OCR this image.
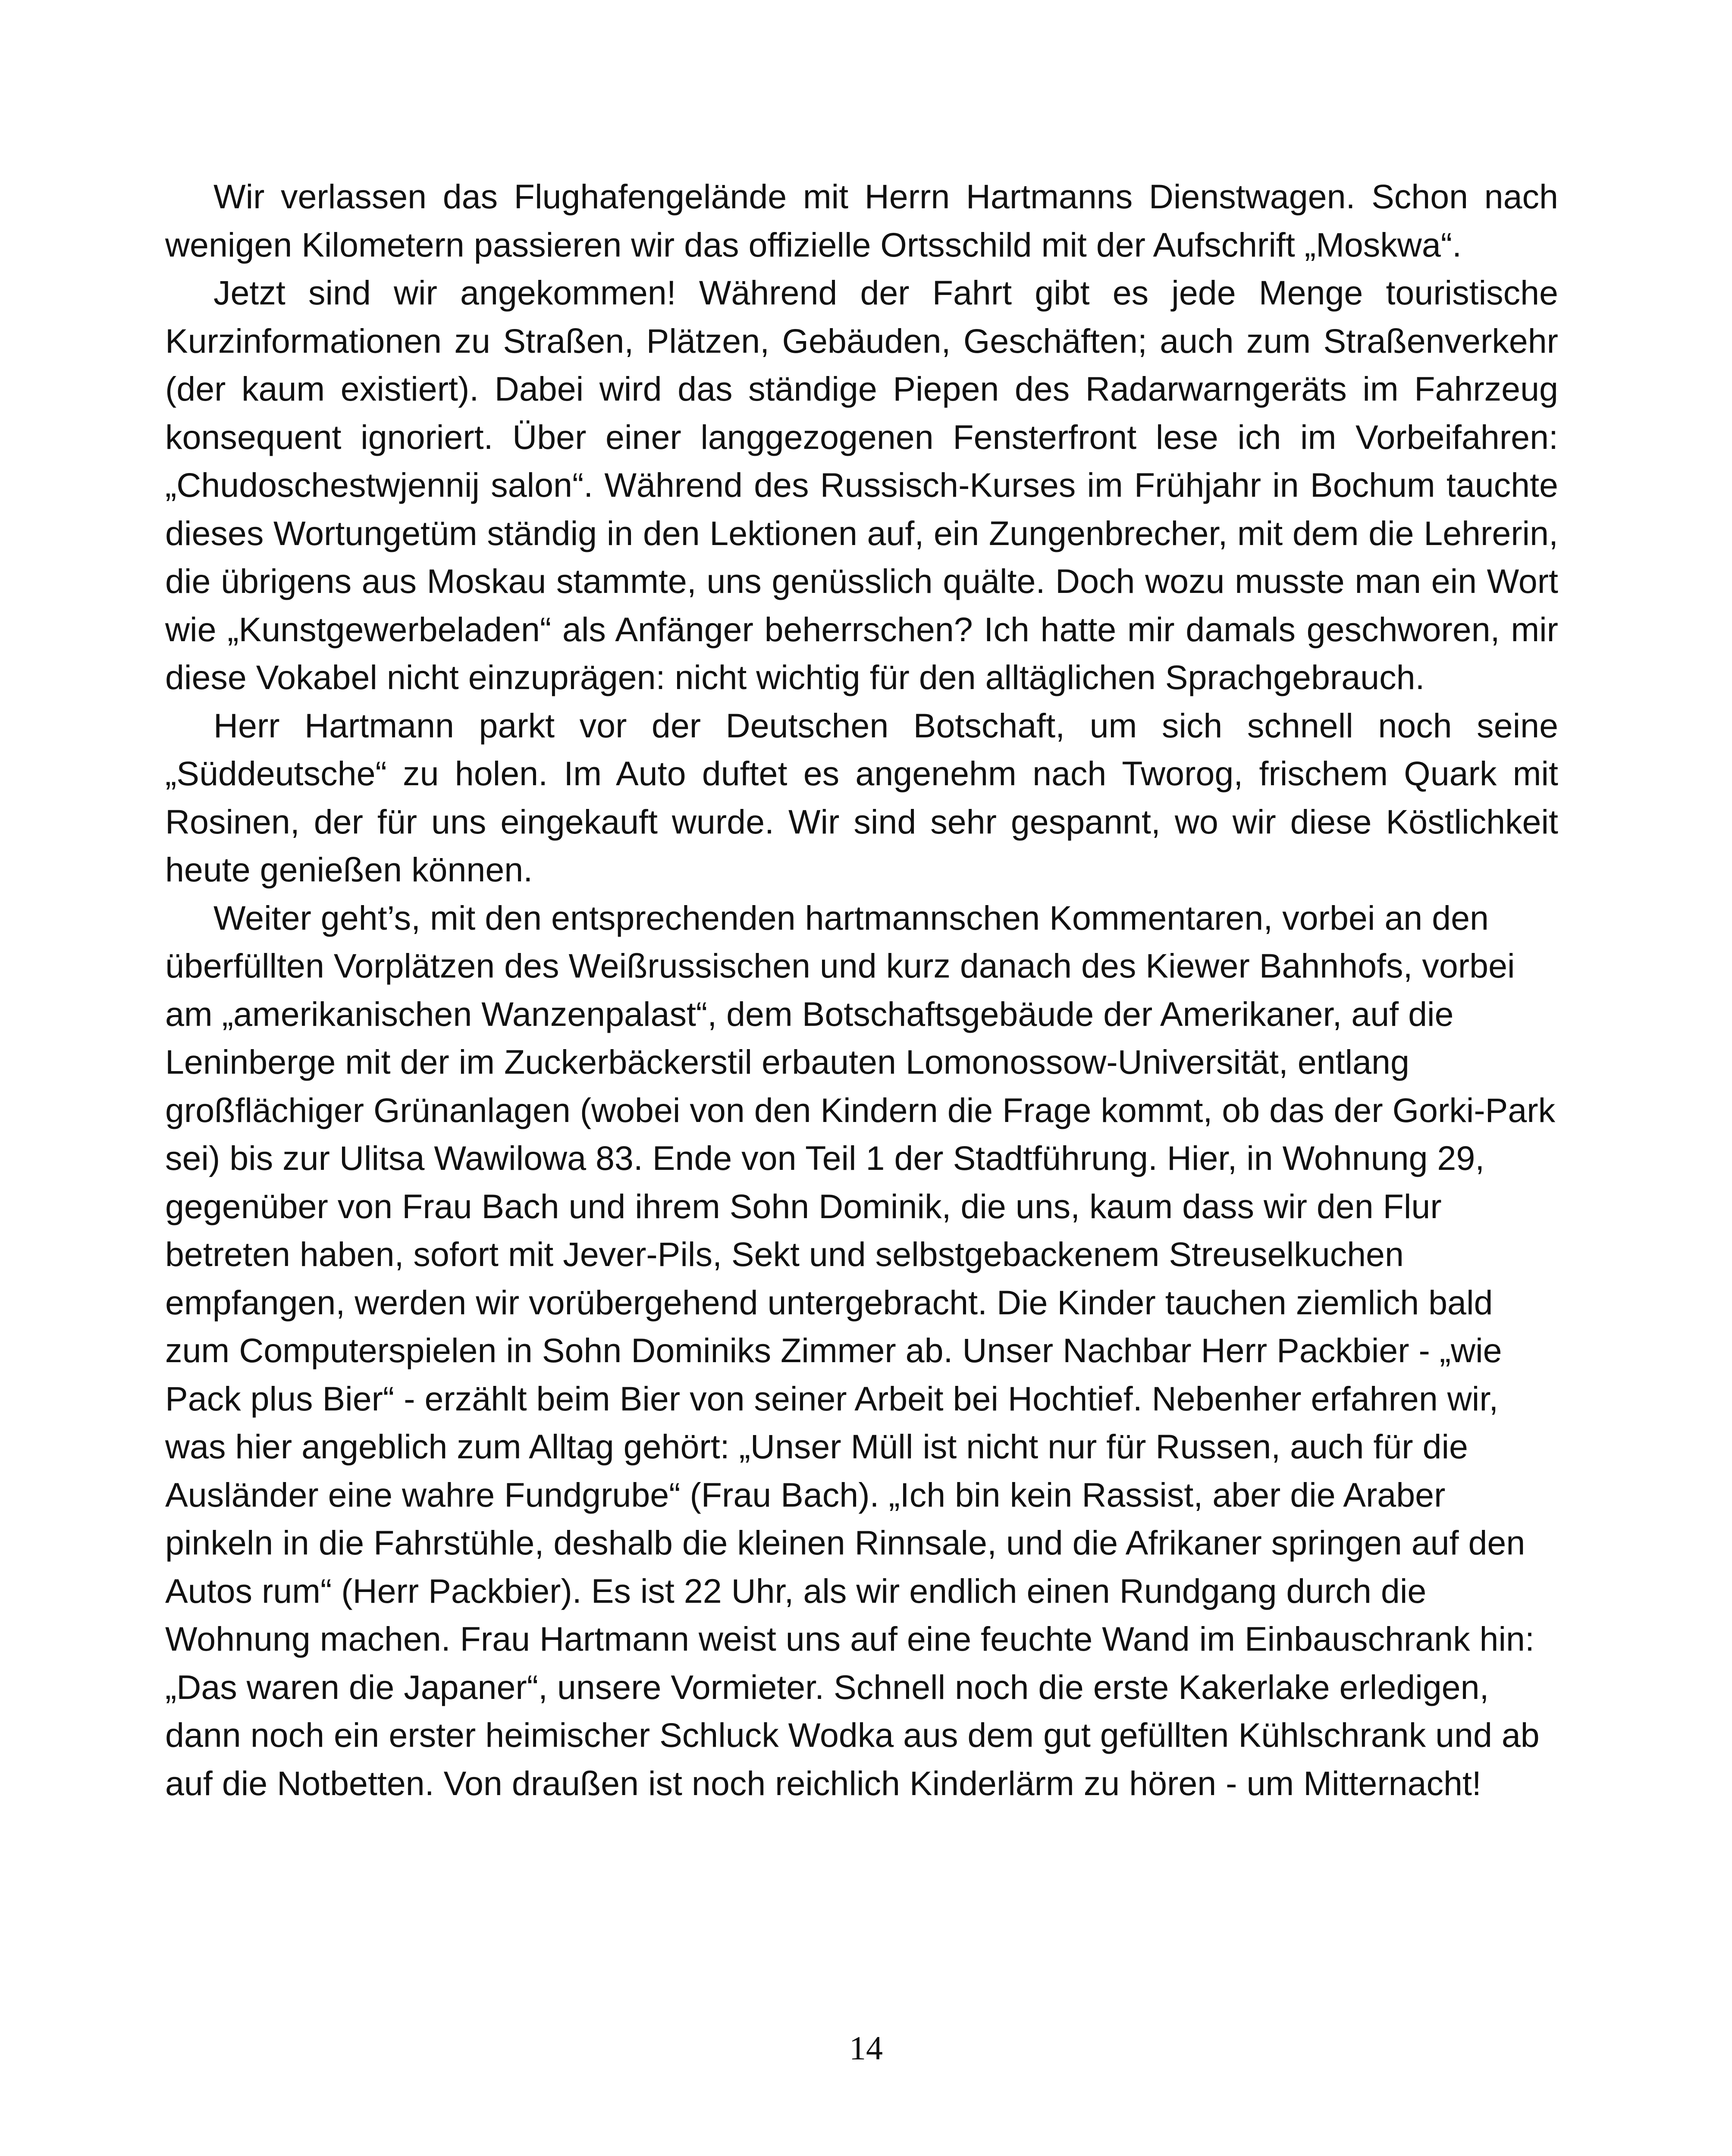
Wir verlassen das Flughafengelände mit Herrn Hartmanns Dienstwagen. Schon nach wenigen Kilometern passieren wir das offizielle Ortsschild mit der Aufschrift „Moskwa“.

Jetzt sind wir angekommen! Während der Fahrt gibt es jede Menge touristische Kurzinformationen zu Straßen, Plätzen, Gebäuden, Geschäften; auch zum Straßenverkehr (der kaum existiert). Dabei wird das ständige Piepen des Radarwarngeräts im Fahrzeug konsequent ignoriert. Über einer langgezogenen Fensterfront lese ich im Vorbeifahren: „Chudoschestwjennij salon“. Während des Russisch-Kurses im Frühjahr in Bochum tauchte dieses Wortungetüm ständig in den Lektionen auf, ein Zungenbrecher, mit dem die Lehrerin, die übrigens aus Moskau stammte, uns genüsslich quälte. Doch wozu musste man ein Wort wie „Kunstgewerbeladen“ als Anfänger beherrschen? Ich hatte mir damals geschworen, mir diese Vokabel nicht einzuprägen: nicht wichtig für den alltäglichen Sprachgebrauch.

Herr Hartmann parkt vor der Deutschen Botschaft, um sich schnell noch seine „Süddeutsche“ zu holen. Im Auto duftet es angenehm nach Tworog, frischem Quark mit Rosinen, der für uns eingekauft wurde. Wir sind sehr gespannt, wo wir diese Köstlichkeit heute genießen können.

Weiter geht’s, mit den entsprechenden hartmannschen Kommentaren, vorbei an den überfüllten Vorplätzen des Weißrussischen und kurz danach des Kiewer Bahnhofs, vorbei am „amerikanischen Wanzenpalast“, dem Botschaftsgebäude der Amerikaner, auf die Leninberge mit der im Zuckerbäckerstil erbauten Lomonossow-Universität, entlang großflächiger Grünanlagen (wobei von den Kindern die Frage kommt, ob das der Gorki-Park sei) bis zur Ulitsa Wawilowa 83. Ende von Teil 1 der Stadtführung. Hier, in Wohnung 29, gegenüber von Frau Bach und ihrem Sohn Dominik, die uns, kaum dass wir den Flur betreten haben, sofort mit Jever-Pils, Sekt und selbstgebackenem Streuselkuchen empfangen, werden wir vorübergehend untergebracht. Die Kinder tauchen ziemlich bald zum Computerspielen in Sohn Dominiks Zimmer ab. Unser Nachbar Herr Packbier - „wie Pack plus Bier“ - erzählt beim Bier von seiner Arbeit bei Hochtief. Nebenher erfahren wir, was hier angeblich zum Alltag gehört: „Unser Müll ist nicht nur für Russen, auch für die Ausländer eine wahre Fundgrube“ (Frau Bach). „Ich bin kein Rassist, aber die Araber pinkeln in die Fahrstühle, deshalb die kleinen Rinnsale, und die Afrikaner springen auf den Autos rum“ (Herr Packbier). Es ist 22 Uhr, als wir endlich einen Rundgang durch die Wohnung machen. Frau Hartmann weist uns auf eine feuchte Wand im Einbauschrank hin: „Das waren die Japaner“, unsere Vormieter. Schnell noch die erste Kakerlake erledigen, dann noch ein erster heimischer Schluck Wodka aus dem gut gefüllten Kühlschrank und ab auf die Notbetten. Von draußen ist noch reichlich Kinderlärm zu hören - um Mitternacht!

14
